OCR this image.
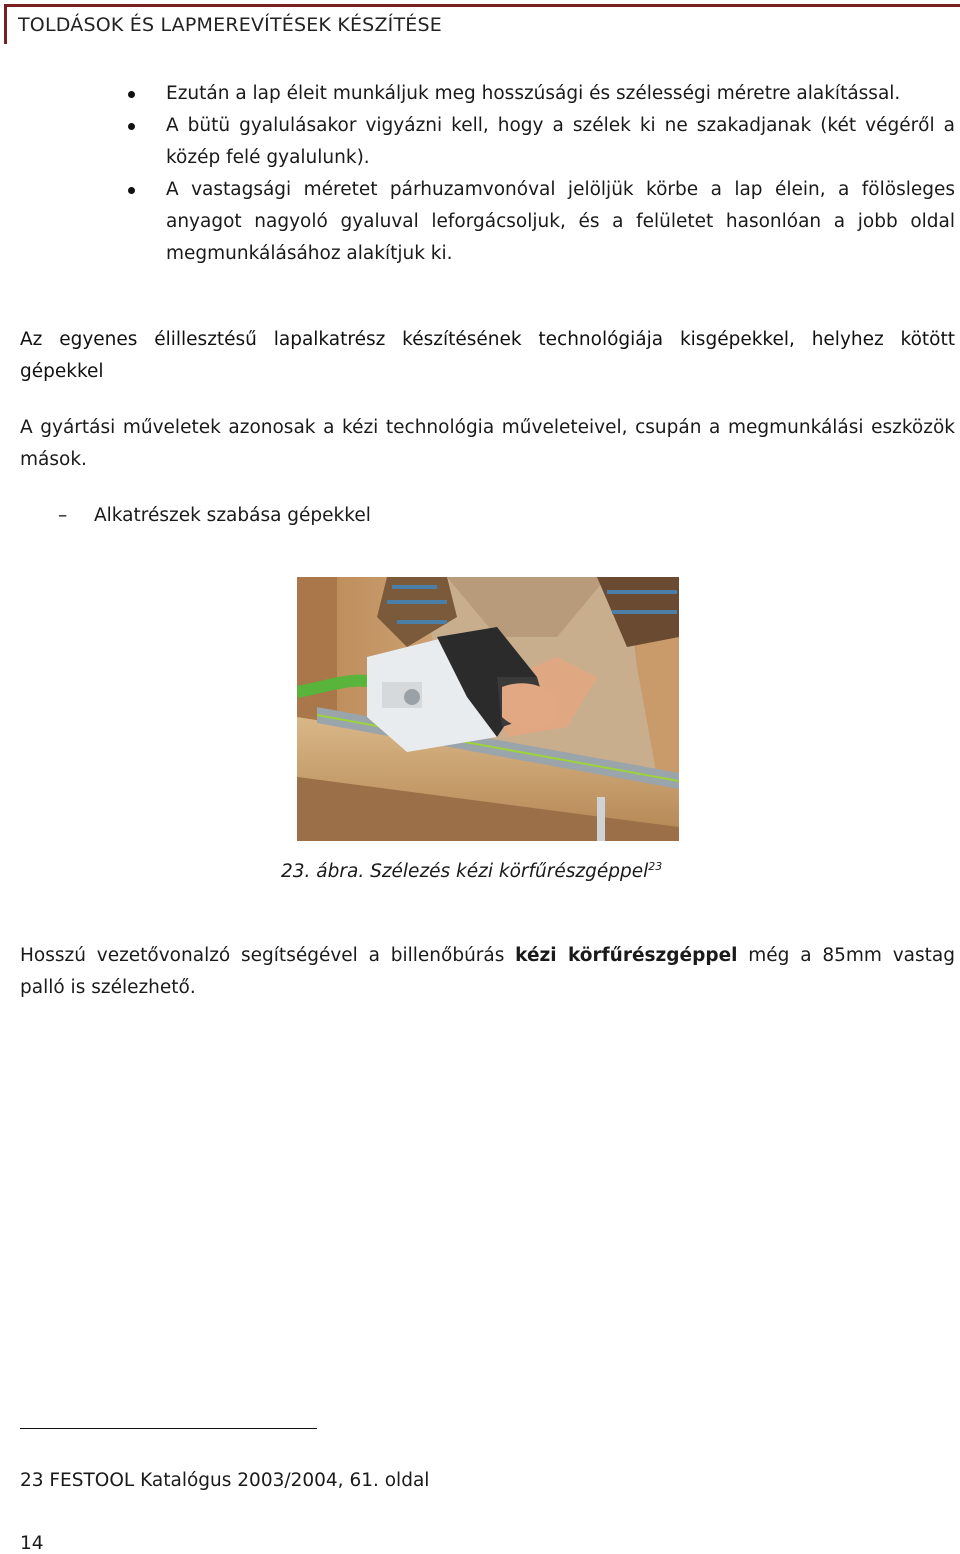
TOLDÁSOK ÉS LAPMEREVÍTÉSEK KÉSZÍTÉSE
Ezután a lap éleit munkáljuk meg hosszúsági és szélességi méretre alakítással.
A bütü gyalulásakor vigyázni kell, hogy a szélek ki ne szakadjanak (két végéről a közép felé gyalulunk).
A vastagsági méretet párhuzamvonóval jelöljük körbe a lap élein, a fölösleges anyagot nagyoló gyaluval leforgácsoljuk, és a felületet hasonlóan a jobb oldal megmunkálásához alakítjuk ki.
Az egyenes élillesztésű lapalkatrész készítésének technológiája kisgépekkel, helyhez kötött gépekkel
A gyártási műveletek azonosak a kézi technológia műveleteivel, csupán a megmunkálási eszközök mások.
– Alkatrészek szabása gépekkel
23. ábra. Szélezés kézi körfűrészgéppel$^{23}$
Hosszú vezetővonalzó segítségével a billenőbúrás kézi körfűrészgéppel még a 85mm vastag palló is szélezhető.
23 FESTOOL Katalógus 2003/2004, 61. oldal
14
